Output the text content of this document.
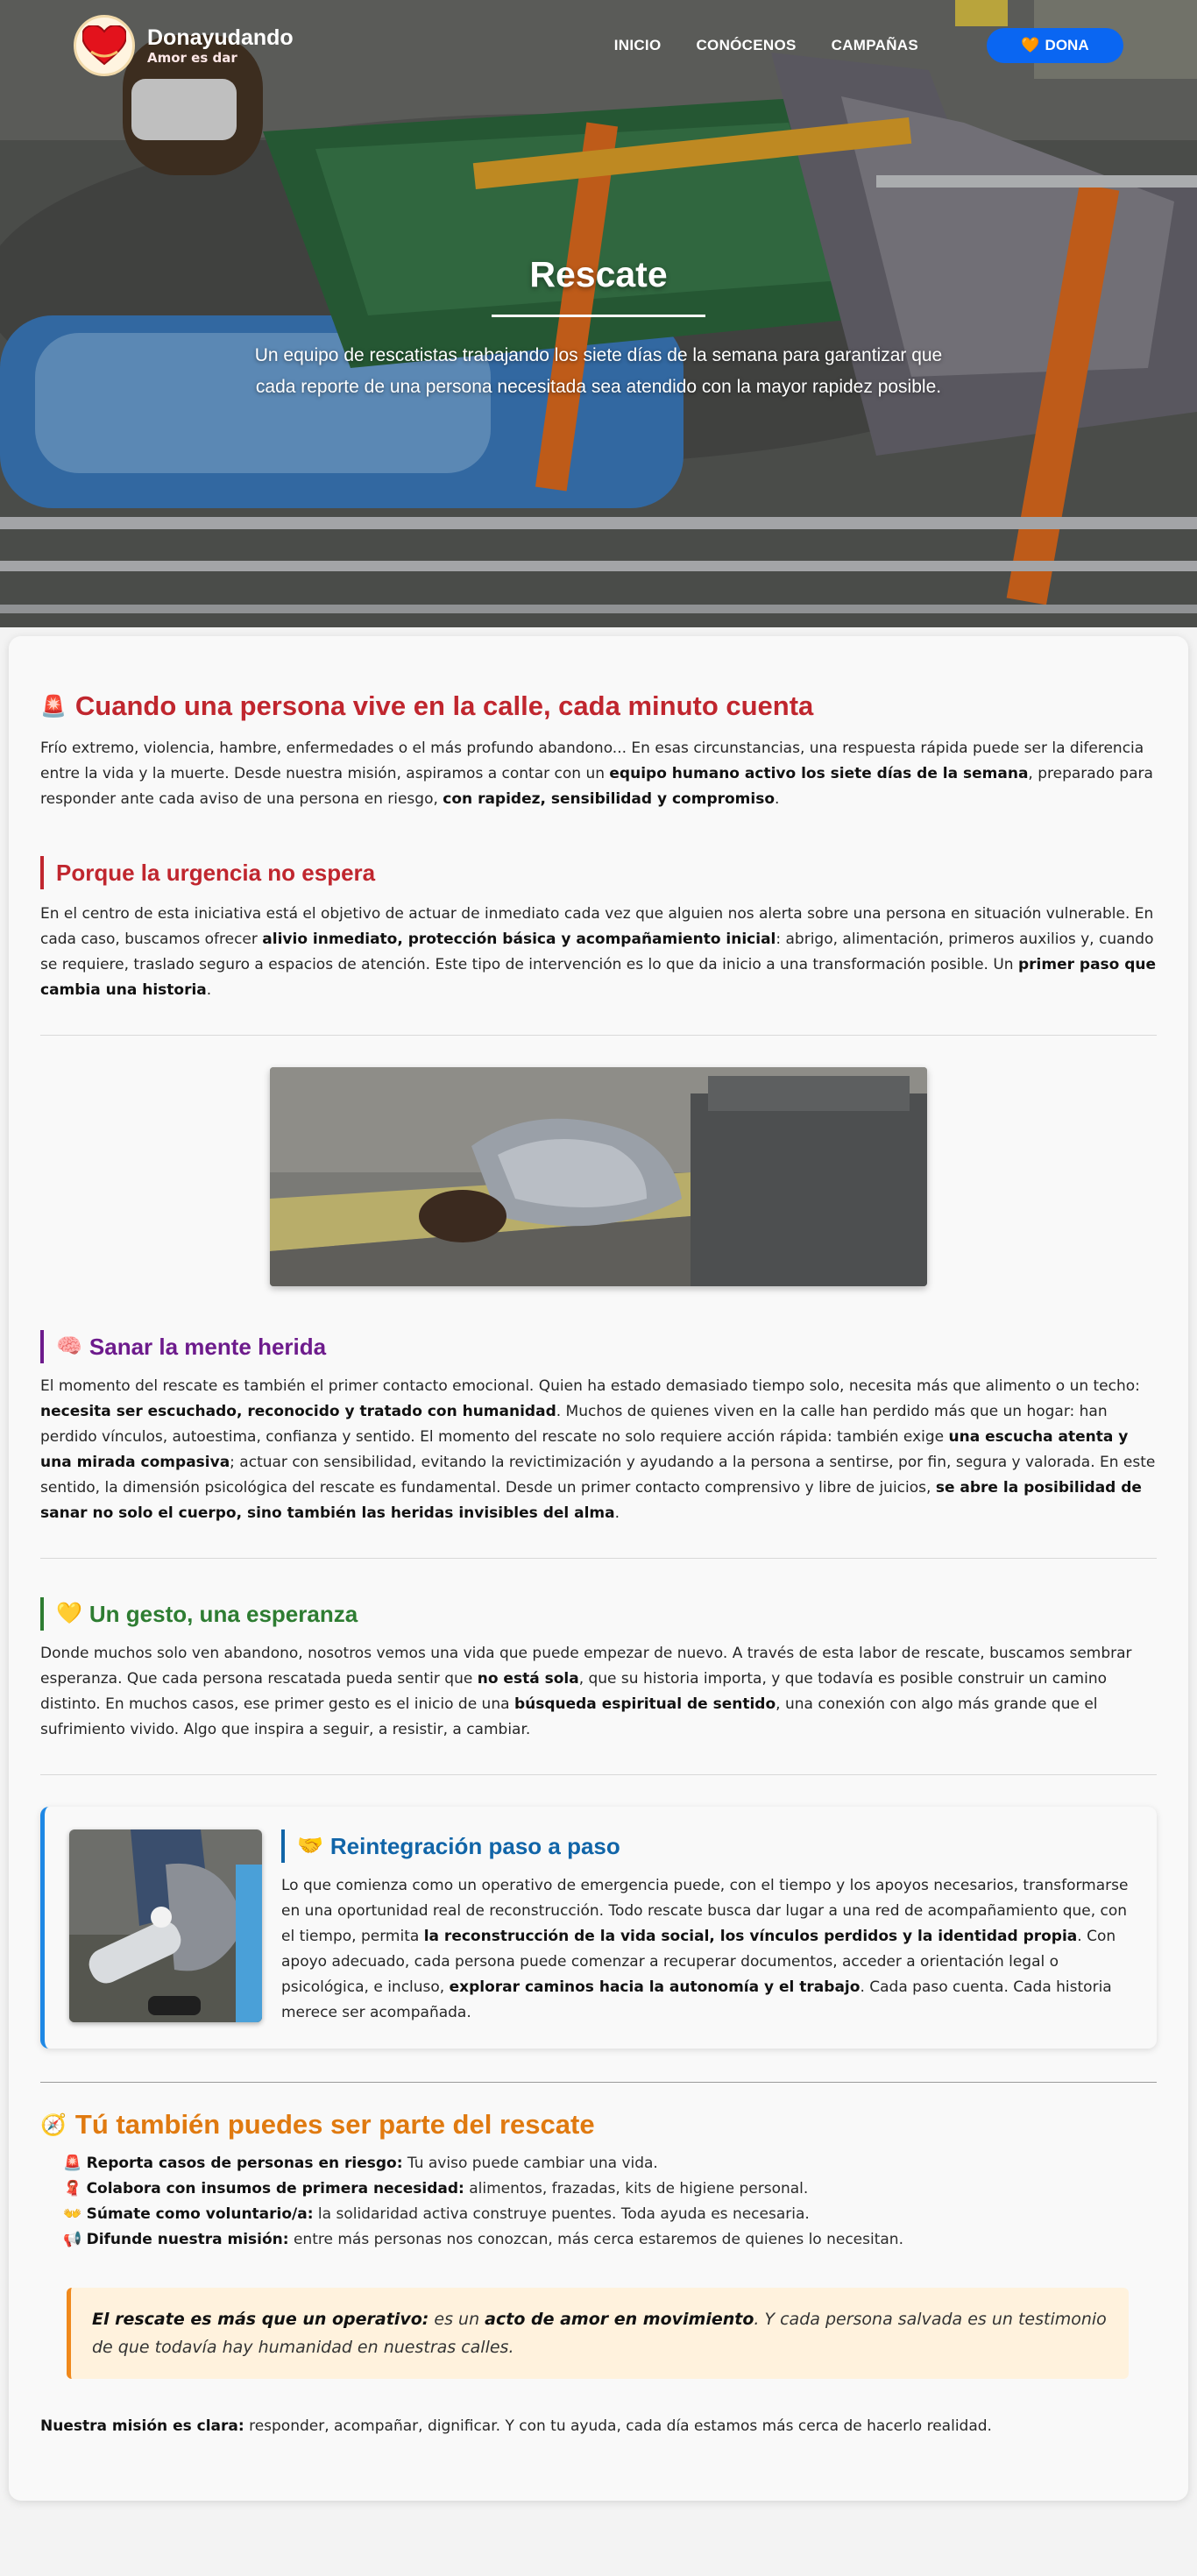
Donayudando
Amor es dar
INICIO CONÓCENOS CAMPAÑAS	🧡 DONA
Rescate

Un equipo de rescatistas trabajando los siete días de la semana para garantizar que cada reporte de una persona necesitada sea atendido con la mayor rapidez posible.

🚨 Cuando una persona vive en la calle, cada minuto cuenta

Frío extremo, violencia, hambre, enfermedades o el más profundo abandono... En esas circunstancias, una respuesta rápida puede ser la diferencia entre la vida y la muerte. Desde nuestra misión, aspiramos a contar con un equipo humano activo los siete días de la semana, preparado para responder ante cada aviso de una persona en riesgo, con rapidez, sensibilidad y compromiso.

Porque la urgencia no espera

En el centro de esta iniciativa está el objetivo de actuar de inmediato cada vez que alguien nos alerta sobre una persona en situación vulnerable. En cada caso, buscamos ofrecer alivio inmediato, protección básica y acompañamiento inicial: abrigo, alimentación, primeros auxilios y, cuando se requiere, traslado seguro a espacios de atención. Este tipo de intervención es lo que da inicio a una transformación posible. Un primer paso que cambia una historia.

🧠 Sanar la mente herida

El momento del rescate es también el primer contacto emocional. Quien ha estado demasiado tiempo solo, necesita más que alimento o un techo: necesita ser escuchado, reconocido y tratado con humanidad. Muchos de quienes viven en la calle han perdido más que un hogar: han perdido vínculos, autoestima, confianza y sentido. El momento del rescate no solo requiere acción rápida: también exige una escucha atenta y una mirada compasiva; actuar con sensibilidad, evitando la revictimización y ayudando a la persona a sentirse, por fin, segura y valorada. En este sentido, la dimensión psicológica del rescate es fundamental. Desde un primer contacto comprensivo y libre de juicios, se abre la posibilidad de sanar no solo el cuerpo, sino también las heridas invisibles del alma.

💛 Un gesto, una esperanza

Donde muchos solo ven abandono, nosotros vemos una vida que puede empezar de nuevo. A través de esta labor de rescate, buscamos sembrar esperanza. Que cada persona rescatada pueda sentir que no está sola, que su historia importa, y que todavía es posible construir un camino distinto. En muchos casos, ese primer gesto es el inicio de una búsqueda espiritual de sentido, una conexión con algo más grande que el sufrimiento vivido. Algo que inspira a seguir, a resistir, a cambiar.

🤝 Reintegración paso a paso

Lo que comienza como un operativo de emergencia puede, con el tiempo y los apoyos necesarios, transformarse en una oportunidad real de reconstrucción. Todo rescate busca dar lugar a una red de acompañamiento que, con el tiempo, permita la reconstrucción de la vida social, los vínculos perdidos y la identidad propia. Con apoyo adecuado, cada persona puede comenzar a recuperar documentos, acceder a orientación legal o psicológica, e incluso, explorar caminos hacia la autonomía y el trabajo. Cada paso cuenta. Cada historia merece ser acompañada.

🧭 Tú también puedes ser parte del rescate
🚨 Reporta casos de personas en riesgo: Tu aviso puede cambiar una vida.
🧣 Colabora con insumos de primera necesidad: alimentos, frazadas, kits de higiene personal.
👐 Súmate como voluntario/a: la solidaridad activa construye puentes. Toda ayuda es necesaria.
📢 Difunde nuestra misión: entre más personas nos conozcan, más cerca estaremos de quienes lo necesitan.
El rescate es más que un operativo: es un acto de amor en movimiento. Y cada persona salvada es un testimonio de que todavía hay humanidad en nuestras calles.

Nuestra misión es clara: responder, acompañar, dignificar. Y con tu ayuda, cada día estamos más cerca de hacerlo realidad.
